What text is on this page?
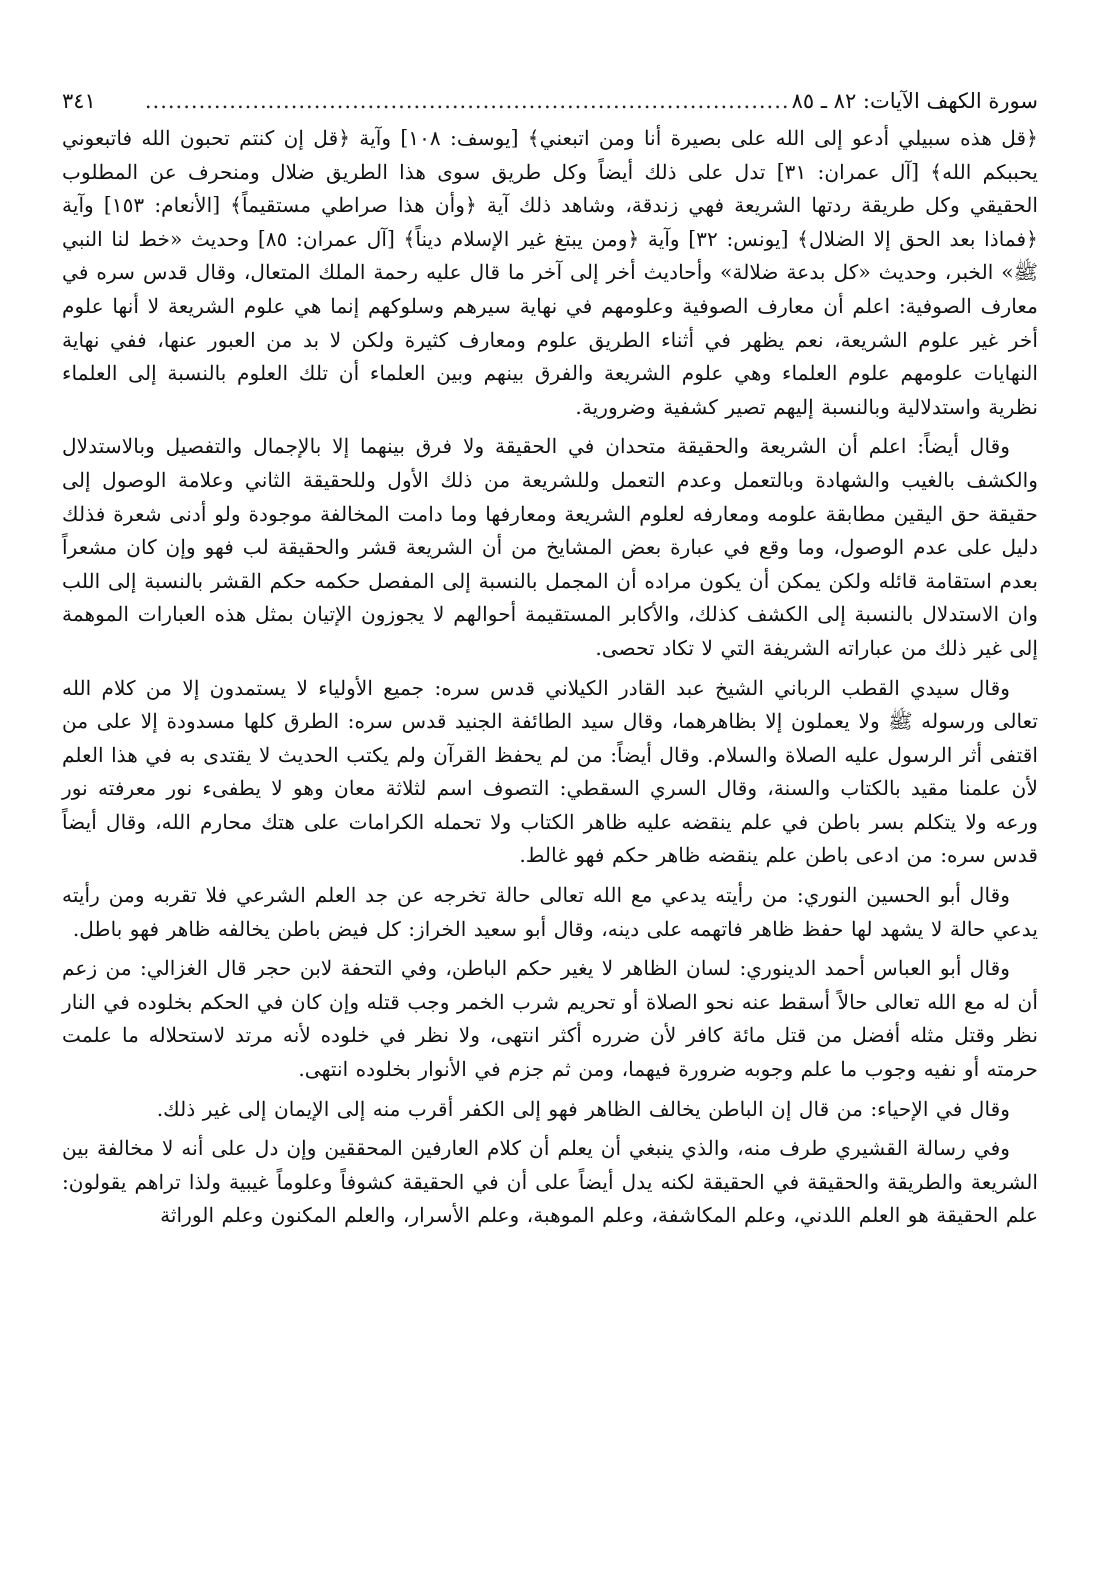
سورة الكهف الآيات: ٨٢ ـ ٨٥
....................................................................................
٣٤١

﴿قل هذه سبيلي أدعو إلى الله على بصيرة أنا ومن اتبعني﴾ [يوسف: ١٠٨] وآية ﴿قل إن كنتم تحبون الله فاتبعوني يحببكم الله﴾ [آل عمران: ٣١] تدل على ذلك أيضاً وكل طريق سوى هذا الطريق ضلال ومنحرف عن المطلوب الحقيقي وكل طريقة ردتها الشريعة فهي زندقة، وشاهد ذلك آية ﴿وأن هذا صراطي مستقيماً﴾ [الأنعام: ١٥٣] وآية ﴿فماذا بعد الحق إلا الضلال﴾ [يونس: ٣٢] وآية ﴿ومن يبتغ غير الإسلام ديناً﴾ [آل عمران: ٨٥] وحديث «خط لنا النبي ﷺ» الخبر، وحديث «كل بدعة ضلالة» وأحاديث أخر إلى آخر ما قال عليه رحمة الملك المتعال، وقال قدس سره في معارف الصوفية: اعلم أن معارف الصوفية وعلومهم في نهاية سيرهم وسلوكهم إنما هي علوم الشريعة لا أنها علوم أخر غير علوم الشريعة، نعم يظهر في أثناء الطريق علوم ومعارف كثيرة ولكن لا بد من العبور عنها، ففي نهاية النهايات علومهم علوم العلماء وهي علوم الشريعة والفرق بينهم وبين العلماء أن تلك العلوم بالنسبة إلى العلماء نظرية واستدلالية وبالنسبة إليهم تصير كشفية وضرورية.

وقال أيضاً: اعلم أن الشريعة والحقيقة متحدان في الحقيقة ولا فرق بينهما إلا بالإجمال والتفصيل وبالاستدلال والكشف بالغيب والشهادة وبالتعمل وعدم التعمل وللشريعة من ذلك الأول وللحقيقة الثاني وعلامة الوصول إلى حقيقة حق اليقين مطابقة علومه ومعارفه لعلوم الشريعة ومعارفها وما دامت المخالفة موجودة ولو أدنى شعرة فذلك دليل على عدم الوصول، وما وقع في عبارة بعض المشايخ من أن الشريعة قشر والحقيقة لب فهو وإن كان مشعراً بعدم استقامة قائله ولكن يمكن أن يكون مراده أن المجمل بالنسبة إلى المفصل حكمه حكم القشر بالنسبة إلى اللب وان الاستدلال بالنسبة إلى الكشف كذلك، والأكابر المستقيمة أحوالهم لا يجوزون الإتيان بمثل هذه العبارات الموهمة إلى غير ذلك من عباراته الشريفة التي لا تكاد تحصى.

وقال سيدي القطب الرباني الشيخ عبد القادر الكيلاني قدس سره: جميع الأولياء لا يستمدون إلا من كلام الله تعالى ورسوله ﷺ ولا يعملون إلا بظاهرهما، وقال سيد الطائفة الجنيد قدس سره: الطرق كلها مسدودة إلا على من اقتفى أثر الرسول عليه الصلاة والسلام. وقال أيضاً: من لم يحفظ القرآن ولم يكتب الحديث لا يقتدى به في هذا العلم لأن علمنا مقيد بالكتاب والسنة، وقال السري السقطي: التصوف اسم لثلاثة معان وهو لا يطفىء نور معرفته نور ورعه ولا يتكلم بسر باطن في علم ينقضه عليه ظاهر الكتاب ولا تحمله الكرامات على هتك محارم الله، وقال أيضاً قدس سره: من ادعى باطن علم ينقضه ظاهر حكم فهو غالط.

وقال أبو الحسين النوري: من رأيته يدعي مع الله تعالى حالة تخرجه عن جد العلم الشرعي فلا تقربه ومن رأيته يدعي حالة لا يشهد لها حفظ ظاهر فاتهمه على دينه، وقال أبو سعيد الخراز: كل فيض باطن يخالفه ظاهر فهو باطل.

وقال أبو العباس أحمد الدينوري: لسان الظاهر لا يغير حكم الباطن، وفي التحفة لابن حجر قال الغزالي: من زعم أن له مع الله تعالى حالاً أسقط عنه نحو الصلاة أو تحريم شرب الخمر وجب قتله وإن كان في الحكم بخلوده في النار نظر وقتل مثله أفضل من قتل مائة كافر لأن ضرره أكثر انتهى، ولا نظر في خلوده لأنه مرتد لاستحلاله ما علمت حرمته أو نفيه وجوب ما علم وجوبه ضرورة فيهما، ومن ثم جزم في الأنوار بخلوده انتهى.

وقال في الإحياء: من قال إن الباطن يخالف الظاهر فهو إلى الكفر أقرب منه إلى الإيمان إلى غير ذلك.

وفي رسالة القشيري طرف منه، والذي ينبغي أن يعلم أن كلام العارفين المحققين وإن دل على أنه لا مخالفة بين الشريعة والطريقة والحقيقة في الحقيقة لكنه يدل أيضاً على أن في الحقيقة كشوفاً وعلوماً غيبية ولذا تراهم يقولون: علم الحقيقة هو العلم اللدني، وعلم المكاشفة، وعلم الموهبة، وعلم الأسرار، والعلم المكنون وعلم الوراثة
